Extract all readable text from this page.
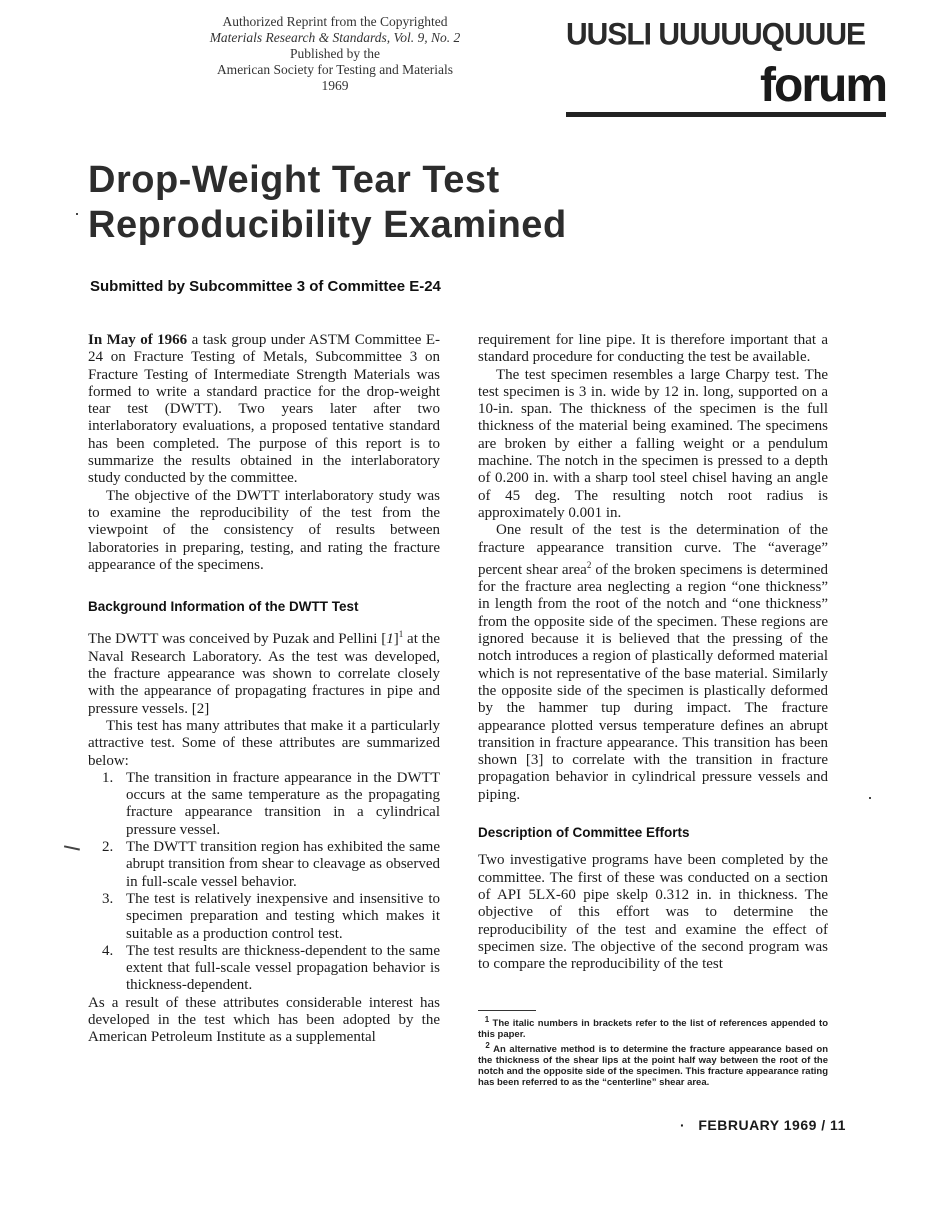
Authorized Reprint from the Copyrighted
Materials Research & Standards, Vol. 9, No. 2
Published by the
American Society for Testing and Materials
1969
UUSLI UUUUUQUUUE
forum
Drop-Weight Tear Test
Reproducibility Examined
Submitted by Subcommittee 3 of Committee E-24

In May of 1966 a task group under ASTM Committee E-24 on Fracture Testing of Metals, Subcommittee 3 on Fracture Testing of Intermediate Strength Materials was formed to write a standard practice for the drop-weight tear test (DWTT). Two years later after two interlaboratory evaluations, a proposed tentative standard has been completed. The purpose of this report is to summarize the results obtained in the interlaboratory study conducted by the committee.

The objective of the DWTT interlaboratory study was to examine the reproducibility of the test from the viewpoint of the consistency of results between laboratories in preparing, testing, and rating the fracture appearance of the specimens.

Background Information of the DWTT Test

The DWTT was conceived by Puzak and Pellini $[1]^1$ at the Naval Research Laboratory. As the test was developed, the fracture appearance was shown to correlate closely with the appearance of propagating fractures in pipe and pressure vessels. [2]

This test has many attributes that make it a particularly attractive test. Some of these attributes are summarized below:

1. The transition in fracture appearance in the DWTT occurs at the same temperature as the propagating fracture appearance transition in a cylindrical pressure vessel.
2. The DWTT transition region has exhibited the same abrupt transition from shear to cleavage as observed in full-scale vessel behavior.
3. The test is relatively inexpensive and insensitive to specimen preparation and testing which makes it suitable as a production control test.
4. The test results are thickness-dependent to the same extent that full-scale vessel propagation behavior is thickness-dependent.

As a result of these attributes considerable interest has developed in the test which has been adopted by the American Petroleum Institute as a supplemental

requirement for line pipe. It is therefore important that a standard procedure for conducting the test be available.

The test specimen resembles a large Charpy test. The test specimen is 3 in. wide by 12 in. long, supported on a 10-in. span. The thickness of the specimen is the full thickness of the material being examined. The specimens are broken by either a falling weight or a pendulum machine. The notch in the specimen is pressed to a depth of 0.200 in. with a sharp tool steel chisel having an angle of 45 deg. The resulting notch root radius is approximately 0.001 in.

One result of the test is the determination of the fracture appearance transition curve. The “average” percent shear area$^2$ of the broken specimens is determined for the fracture area neglecting a region “one thickness” in length from the root of the notch and “one thickness” from the opposite side of the specimen. These regions are ignored because it is believed that the pressing of the notch introduces a region of plastically deformed material which is not representative of the base material. Similarly the opposite side of the specimen is plastically deformed by the hammer tup during impact. The fracture appearance plotted versus temperature defines an abrupt transition in fracture appearance. This transition has been shown [3] to correlate with the transition in fracture propagation behavior in cylindrical pressure vessels and piping.

Description of Committee Efforts

Two investigative programs have been completed by the committee. The first of these was conducted on a section of API 5LX-60 pipe skelp 0.312 in. in thickness. The objective of this effort was to determine the reproducibility of the test and examine the effect of specimen size. The objective of the second program was to compare the reproducibility of the test

$^1$ The italic numbers in brackets refer to the list of references appended to this paper.

$^2$ An alternative method is to determine the fracture appearance based on the thickness of the shear lips at the point half way between the root of the notch and the opposite side of the specimen. This fracture appearance rating has been referred to as the “centerline” shear area.

· FEBRUARY 1969 / 11
